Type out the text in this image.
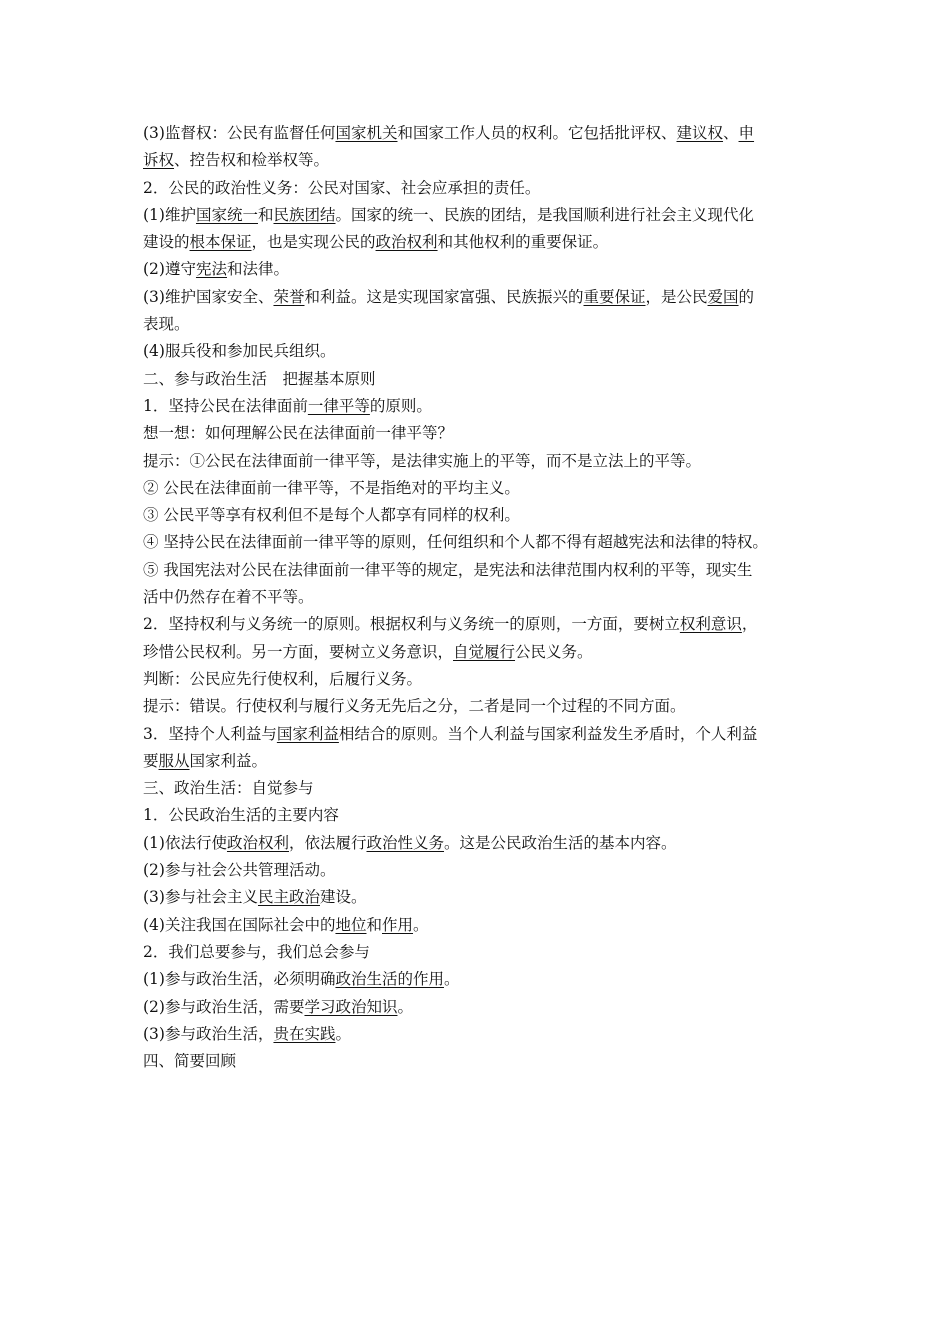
(3)监督权：公民有监督任何国家机关和国家工作人员的权利。它包括批评权、建议权、申
诉权、控告权和检举权等。
2．公民的政治性义务：公民对国家、社会应承担的责任。
(1)维护国家统一和民族团结。国家的统一、民族的团结，是我国顺利进行社会主义现代化
建设的根本保证，也是实现公民的政治权利和其他权利的重要保证。
(2)遵守宪法和法律。
(3)维护国家安全、荣誉和利益。这是实现国家富强、民族振兴的重要保证，是公民爱国的
表现。
(4)服兵役和参加民兵组织。
二、参与政治生活　把握基本原则
1．坚持公民在法律面前一律平等的原则。
想一想：如何理解公民在法律面前一律平等？
提示：①公民在法律面前一律平等，是法律实施上的平等，而不是立法上的平等。
② 公民在法律面前一律平等，不是指绝对的平均主义。
③ 公民平等享有权利但不是每个人都享有同样的权利。
④ 坚持公民在法律面前一律平等的原则，任何组织和个人都不得有超越宪法和法律的特权。
⑤ 我国宪法对公民在法律面前一律平等的规定，是宪法和法律范围内权利的平等，现实生
活中仍然存在着不平等。
2．坚持权利与义务统一的原则。根据权利与义务统一的原则，一方面，要树立权利意识，
珍惜公民权利。另一方面，要树立义务意识，自觉履行公民义务。
判断：公民应先行使权利，后履行义务。
提示：错误。行使权利与履行义务无先后之分，二者是同一个过程的不同方面。
3．坚持个人利益与国家利益相结合的原则。当个人利益与国家利益发生矛盾时，个人利益
要服从国家利益。
三、政治生活：自觉参与
1．公民政治生活的主要内容
(1)依法行使政治权利，依法履行政治性义务。这是公民政治生活的基本内容。
(2)参与社会公共管理活动。
(3)参与社会主义民主政治建设。
(4)关注我国在国际社会中的地位和作用。
2．我们总要参与，我们总会参与
(1)参与政治生活，必须明确政治生活的作用。
(2)参与政治生活，需要学习政治知识。
(3)参与政治生活，贵在实践。
四、简要回顾
